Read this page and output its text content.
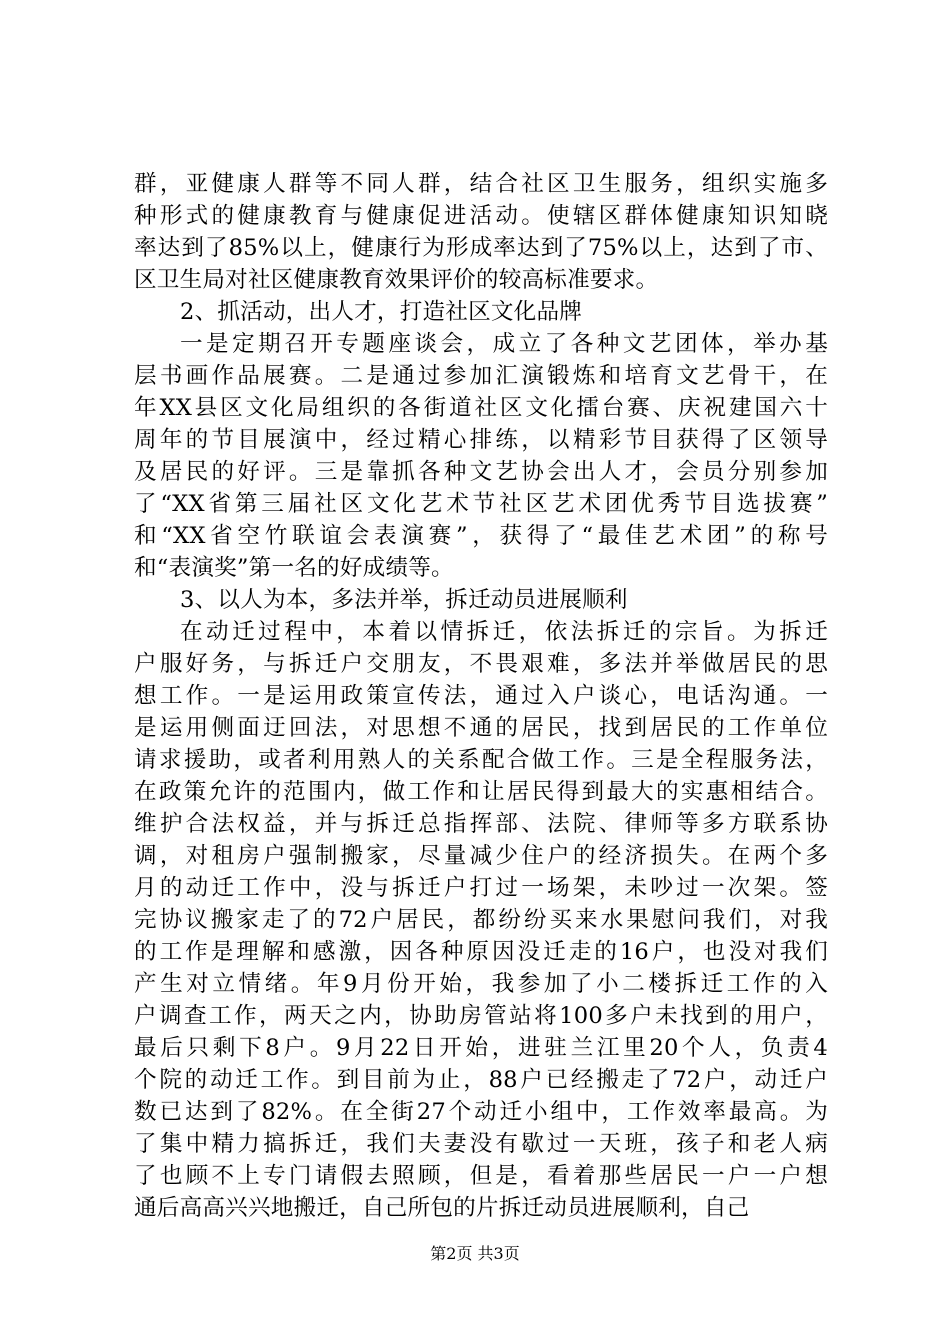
群，亚健康人群等不同人群，结合社区卫生服务，组织实施多
种形式的健康教育与健康促进活动。使辖区群体健康知识知晓
率达到了85%以上，健康行为形成率达到了75%以上，达到了市、
区卫生局对社区健康教育效果评价的较高标准要求。
2、抓活动，出人才，打造社区文化品牌
一是定期召开专题座谈会，成立了各种文艺团体，举办基
层书画作品展赛。二是通过参加汇演锻炼和培育文艺骨干，在
年XX县区文化局组织的各街道社区文化擂台赛、庆祝建国六十
周年的节目展演中，经过精心排练，以精彩节目获得了区领导
及居民的好评。三是靠抓各种文艺协会出人才，会员分别参加
了“XX省第三届社区文化艺术节社区艺术团优秀节目选拔赛”
和“XX省空竹联谊会表演赛”，获得了“最佳艺术团”的称号
和“表演奖”第一名的好成绩等。
3、以人为本，多法并举，拆迁动员进展顺利
在动迁过程中，本着以情拆迁，依法拆迁的宗旨。为拆迁
户服好务，与拆迁户交朋友，不畏艰难，多法并举做居民的思
想工作。一是运用政策宣传法，通过入户谈心，电话沟通。一
是运用侧面迂回法，对思想不通的居民，找到居民的工作单位
请求援助，或者利用熟人的关系配合做工作。三是全程服务法，
在政策允许的范围内，做工作和让居民得到最大的实惠相结合。
维护合法权益，并与拆迁总指挥部、法院、律师等多方联系协
调，对租房户强制搬家，尽量减少住户的经济损失。在两个多
月的动迁工作中，没与拆迁户打过一场架，未吵过一次架。签
完协议搬家走了的72户居民，都纷纷买来水果慰问我们，对我
的工作是理解和感激，因各种原因没迁走的16户，也没对我们
产生对立情绪。年9月份开始，我参加了小二楼拆迁工作的入
户调查工作，两天之内，协助房管站将100多户未找到的用户，
最后只剩下8户。9月22日开始，进驻兰江里20个人，负责4
个院的动迁工作。到目前为止，88户已经搬走了72户，动迁户
数已达到了82%。在全街27个动迁小组中，工作效率最高。为
了集中精力搞拆迁，我们夫妻没有歇过一天班，孩子和老人病
了也顾不上专门请假去照顾，但是，看着那些居民一户一户想
通后高高兴兴地搬迁，自己所包的片拆迁动员进展顺利，自己
第2页 共3页
